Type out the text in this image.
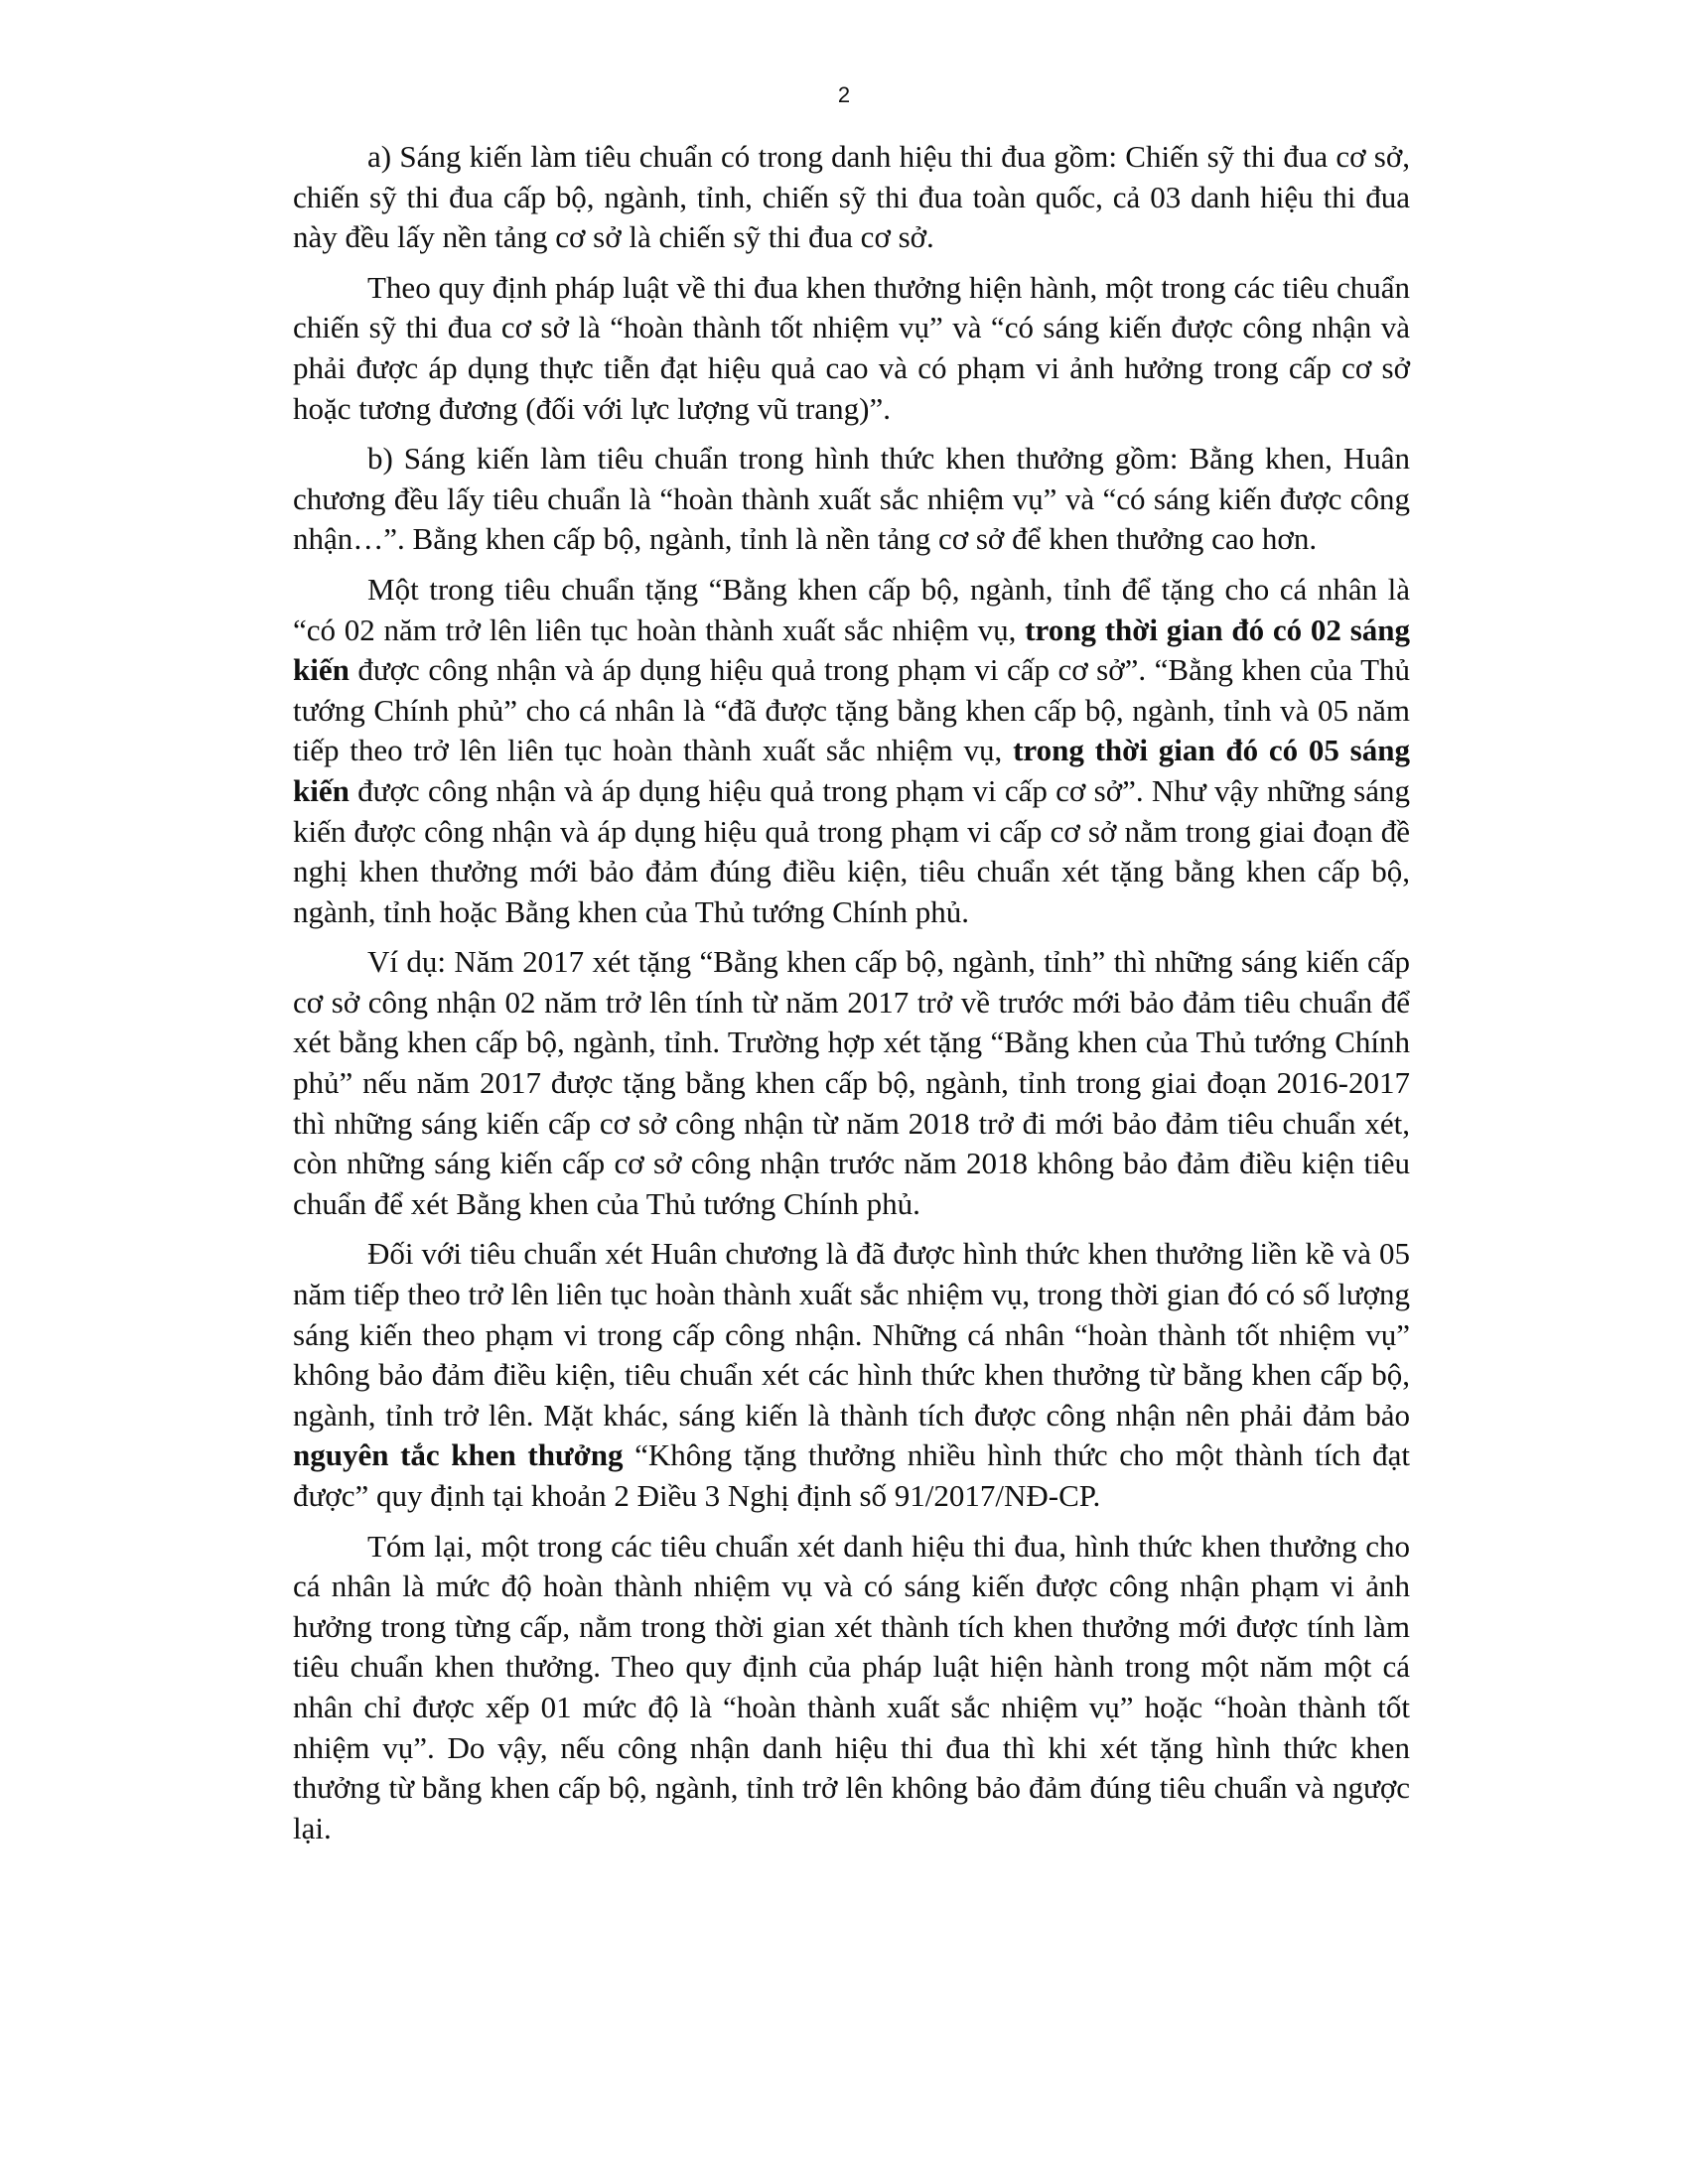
2

a) Sáng kiến làm tiêu chuẩn có trong danh hiệu thi đua gồm: Chiến sỹ thi đua cơ sở, chiến sỹ thi đua cấp bộ, ngành, tỉnh, chiến sỹ thi đua toàn quốc, cả 03 danh hiệu thi đua này đều lấy nền tảng cơ sở là chiến sỹ thi đua cơ sở.

Theo quy định pháp luật về thi đua khen thưởng hiện hành, một trong các tiêu chuẩn chiến sỹ thi đua cơ sở là “hoàn thành tốt nhiệm vụ” và “có sáng kiến được công nhận và phải được áp dụng thực tiễn đạt hiệu quả cao và có phạm vi ảnh hưởng trong cấp cơ sở hoặc tương đương (đối với lực lượng vũ trang)”.

b) Sáng kiến làm tiêu chuẩn trong hình thức khen thưởng gồm: Bằng khen, Huân chương đều lấy tiêu chuẩn là “hoàn thành xuất sắc nhiệm vụ” và “có sáng kiến được công nhận…”. Bằng khen cấp bộ, ngành, tỉnh là nền tảng cơ sở để khen thưởng cao hơn.

Một trong tiêu chuẩn tặng “Bằng khen cấp bộ, ngành, tỉnh để tặng cho cá nhân là “có 02 năm trở lên liên tục hoàn thành xuất sắc nhiệm vụ, trong thời gian đó có 02 sáng kiến được công nhận và áp dụng hiệu quả trong phạm vi cấp cơ sở”. “Bằng khen của Thủ tướng Chính phủ” cho cá nhân là “đã được tặng bằng khen cấp bộ, ngành, tỉnh và 05 năm tiếp theo trở lên liên tục hoàn thành xuất sắc nhiệm vụ, trong thời gian đó có 05 sáng kiến được công nhận và áp dụng hiệu quả trong phạm vi cấp cơ sở”. Như vậy những sáng kiến được công nhận và áp dụng hiệu quả trong phạm vi cấp cơ sở nằm trong giai đoạn đề nghị khen thưởng mới bảo đảm đúng điều kiện, tiêu chuẩn xét tặng bằng khen cấp bộ, ngành, tỉnh hoặc Bằng khen của Thủ tướng Chính phủ.

Ví dụ: Năm 2017 xét tặng “Bằng khen cấp bộ, ngành, tỉnh” thì những sáng kiến cấp cơ sở công nhận 02 năm trở lên tính từ năm 2017 trở về trước mới bảo đảm tiêu chuẩn để xét bằng khen cấp bộ, ngành, tỉnh. Trường hợp xét tặng “Bằng khen của Thủ tướng Chính phủ” nếu năm 2017 được tặng bằng khen cấp bộ, ngành, tỉnh trong giai đoạn 2016-2017 thì những sáng kiến cấp cơ sở công nhận từ năm 2018 trở đi mới bảo đảm tiêu chuẩn xét, còn những sáng kiến cấp cơ sở công nhận trước năm 2018 không bảo đảm điều kiện tiêu chuẩn để xét Bằng khen của Thủ tướng Chính phủ.

Đối với tiêu chuẩn xét Huân chương là đã được hình thức khen thưởng liền kề và 05 năm tiếp theo trở lên liên tục hoàn thành xuất sắc nhiệm vụ, trong thời gian đó có số lượng sáng kiến theo phạm vi trong cấp công nhận. Những cá nhân “hoàn thành tốt nhiệm vụ” không bảo đảm điều kiện, tiêu chuẩn xét các hình thức khen thưởng từ bằng khen cấp bộ, ngành, tỉnh trở lên. Mặt khác, sáng kiến là thành tích được công nhận nên phải đảm bảo nguyên tắc khen thưởng “Không tặng thưởng nhiều hình thức cho một thành tích đạt được” quy định tại khoản 2 Điều 3 Nghị định số 91/2017/NĐ-CP.

Tóm lại, một trong các tiêu chuẩn xét danh hiệu thi đua, hình thức khen thưởng cho cá nhân là mức độ hoàn thành nhiệm vụ và có sáng kiến được công nhận phạm vi ảnh hưởng trong từng cấp, nằm trong thời gian xét thành tích khen thưởng mới được tính làm tiêu chuẩn khen thưởng. Theo quy định của pháp luật hiện hành trong một năm một cá nhân chỉ được xếp 01 mức độ là “hoàn thành xuất sắc nhiệm vụ” hoặc “hoàn thành tốt nhiệm vụ”. Do vậy, nếu công nhận danh hiệu thi đua thì khi xét tặng hình thức khen thưởng từ bằng khen cấp bộ, ngành, tỉnh trở lên không bảo đảm đúng tiêu chuẩn và ngược lại.
